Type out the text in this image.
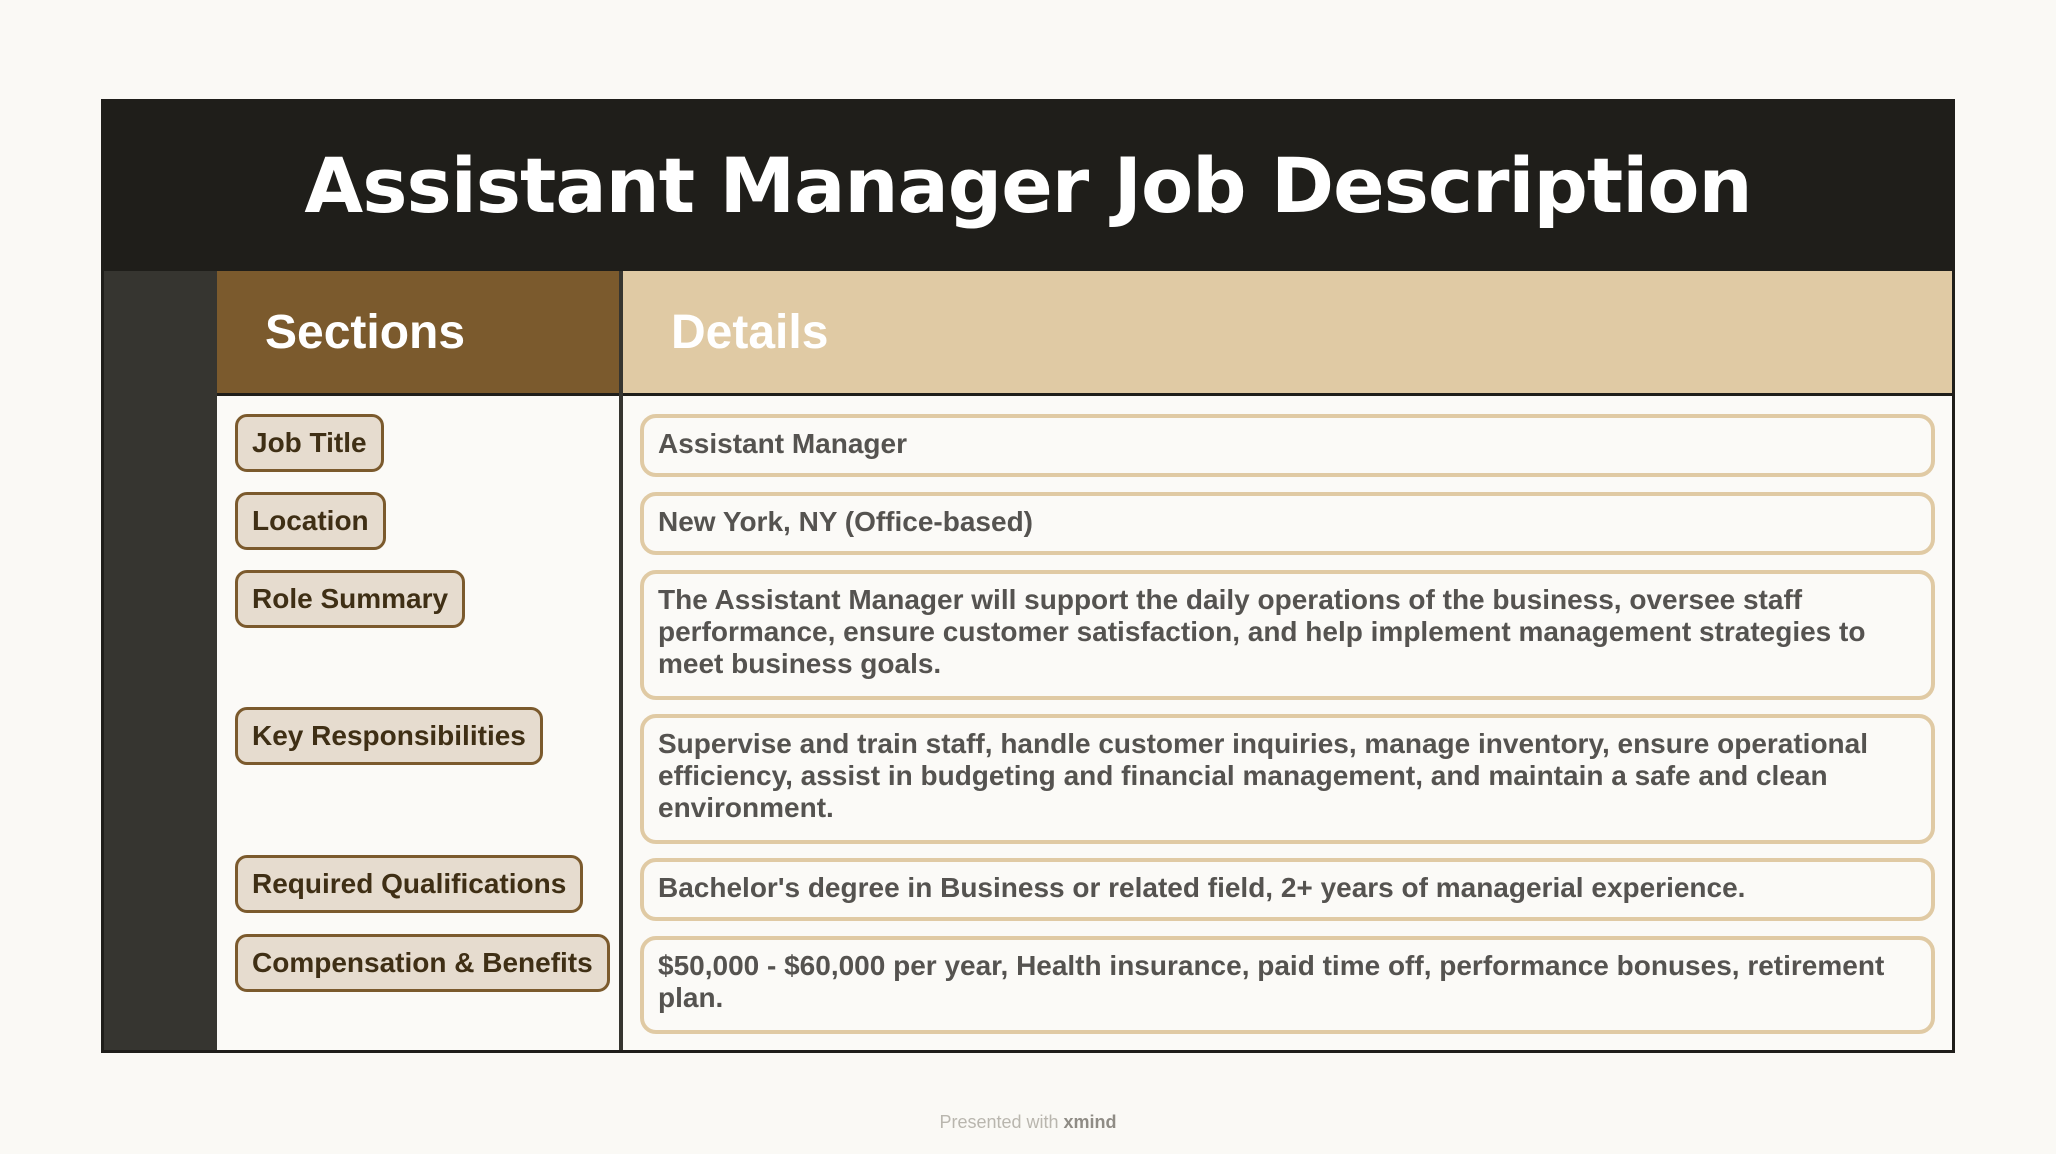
Assistant Manager Job Description
Sections
Job Title
Location
Role Summary
Key Responsibilities
Required Qualifications
Compensation & Benefits
Details
Assistant Manager
New York, NY (Office-based)
The Assistant Manager will support the daily operations of the business, oversee staff performance, ensure customer satisfaction, and help implement management strategies to meet business goals.
Supervise and train staff, handle customer inquiries, manage inventory, ensure operational efficiency, assist in budgeting and financial management, and maintain a safe and clean environment.
Bachelor's degree in Business or related field, 2+ years of managerial experience.
$50,000 - $60,000 per year, Health insurance, paid time off, performance bonuses, retirement plan.
Presented with xmind
